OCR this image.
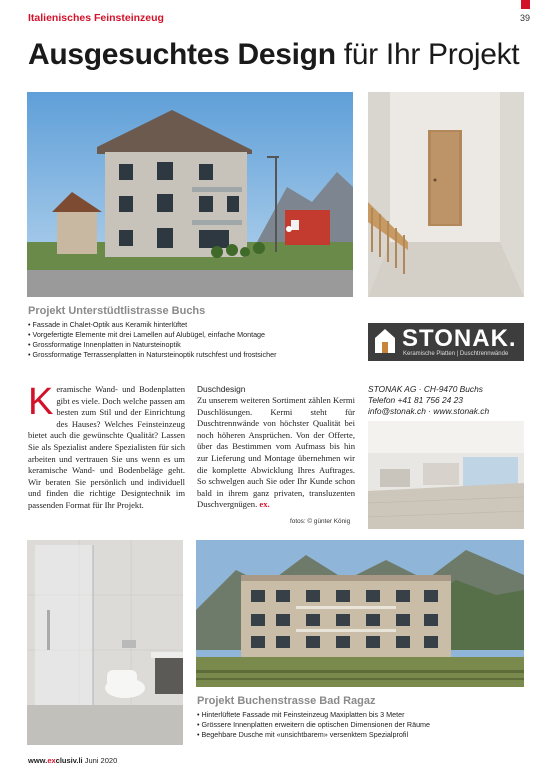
Italienisches Feinsteinzeug	39
Ausgesuchtes Design für Ihr Projekt
Projekt Unterstüdtlistrasse Buchs
• Fassade in Chalet-Optik aus Keramik hinterlüftet
• Vorgefertigte Elemente mit drei Lamellen auf Alubügel, einfache Montage
• Grossformatige Innenplatten in Natursteinoptik
• Grossformatige Terrassenplatten in Natursteinoptik rutschfest und frostsicher
STONAK.
Keramische Platten | Duschtrennwände
Keramische Wand- und Bodenplatten gibt es viele. Doch welche passen am besten zum Stil und der Einrichtung des Hauses? Welches Feinsteinzeug bietet auch die gewünschte Qualität? Lassen Sie als Spezialist andere Spezialisten für sich arbeiten und vertrauen Sie uns wenn es um keramische Wand- und Bodenbeläge geht. Wir beraten Sie persönlich und individuell und finden die richtige Designtechnik im passenden Format für Ihr Projekt.
Duschdesign
Zu unserem weiteren Sortiment zählen Kermi Duschlösungen. Kermi steht für Duschtrennwände von höchster Qualität bei noch höheren Ansprüchen. Von der Offerte, über das Bestimmen vom Aufmass bis hin zur Lieferung und Montage übernehmen wir die komplette Abwicklung Ihres Auftrages. So schwelgen auch Sie oder Ihr Kunde schon bald in ihrem ganz privaten, transluzenten Duschvergnügen. ex.
fotos: © günter König
STONAK AG · CH-9470 Buchs
Telefon +41 81 756 24 23
info@stonak.ch · www.stonak.ch
Projekt Buchenstrasse Bad Ragaz
• Hinterlüftete Fassade mit Feinsteinzeug Maxiplatten bis 3 Meter
• Grössere Innenplatten erweitern die optischen Dimensionen der Räume
• Begehbare Dusche mit «unsichtbarem» versenktem Spezialprofil
www.exclusiv.li Juni 2020
